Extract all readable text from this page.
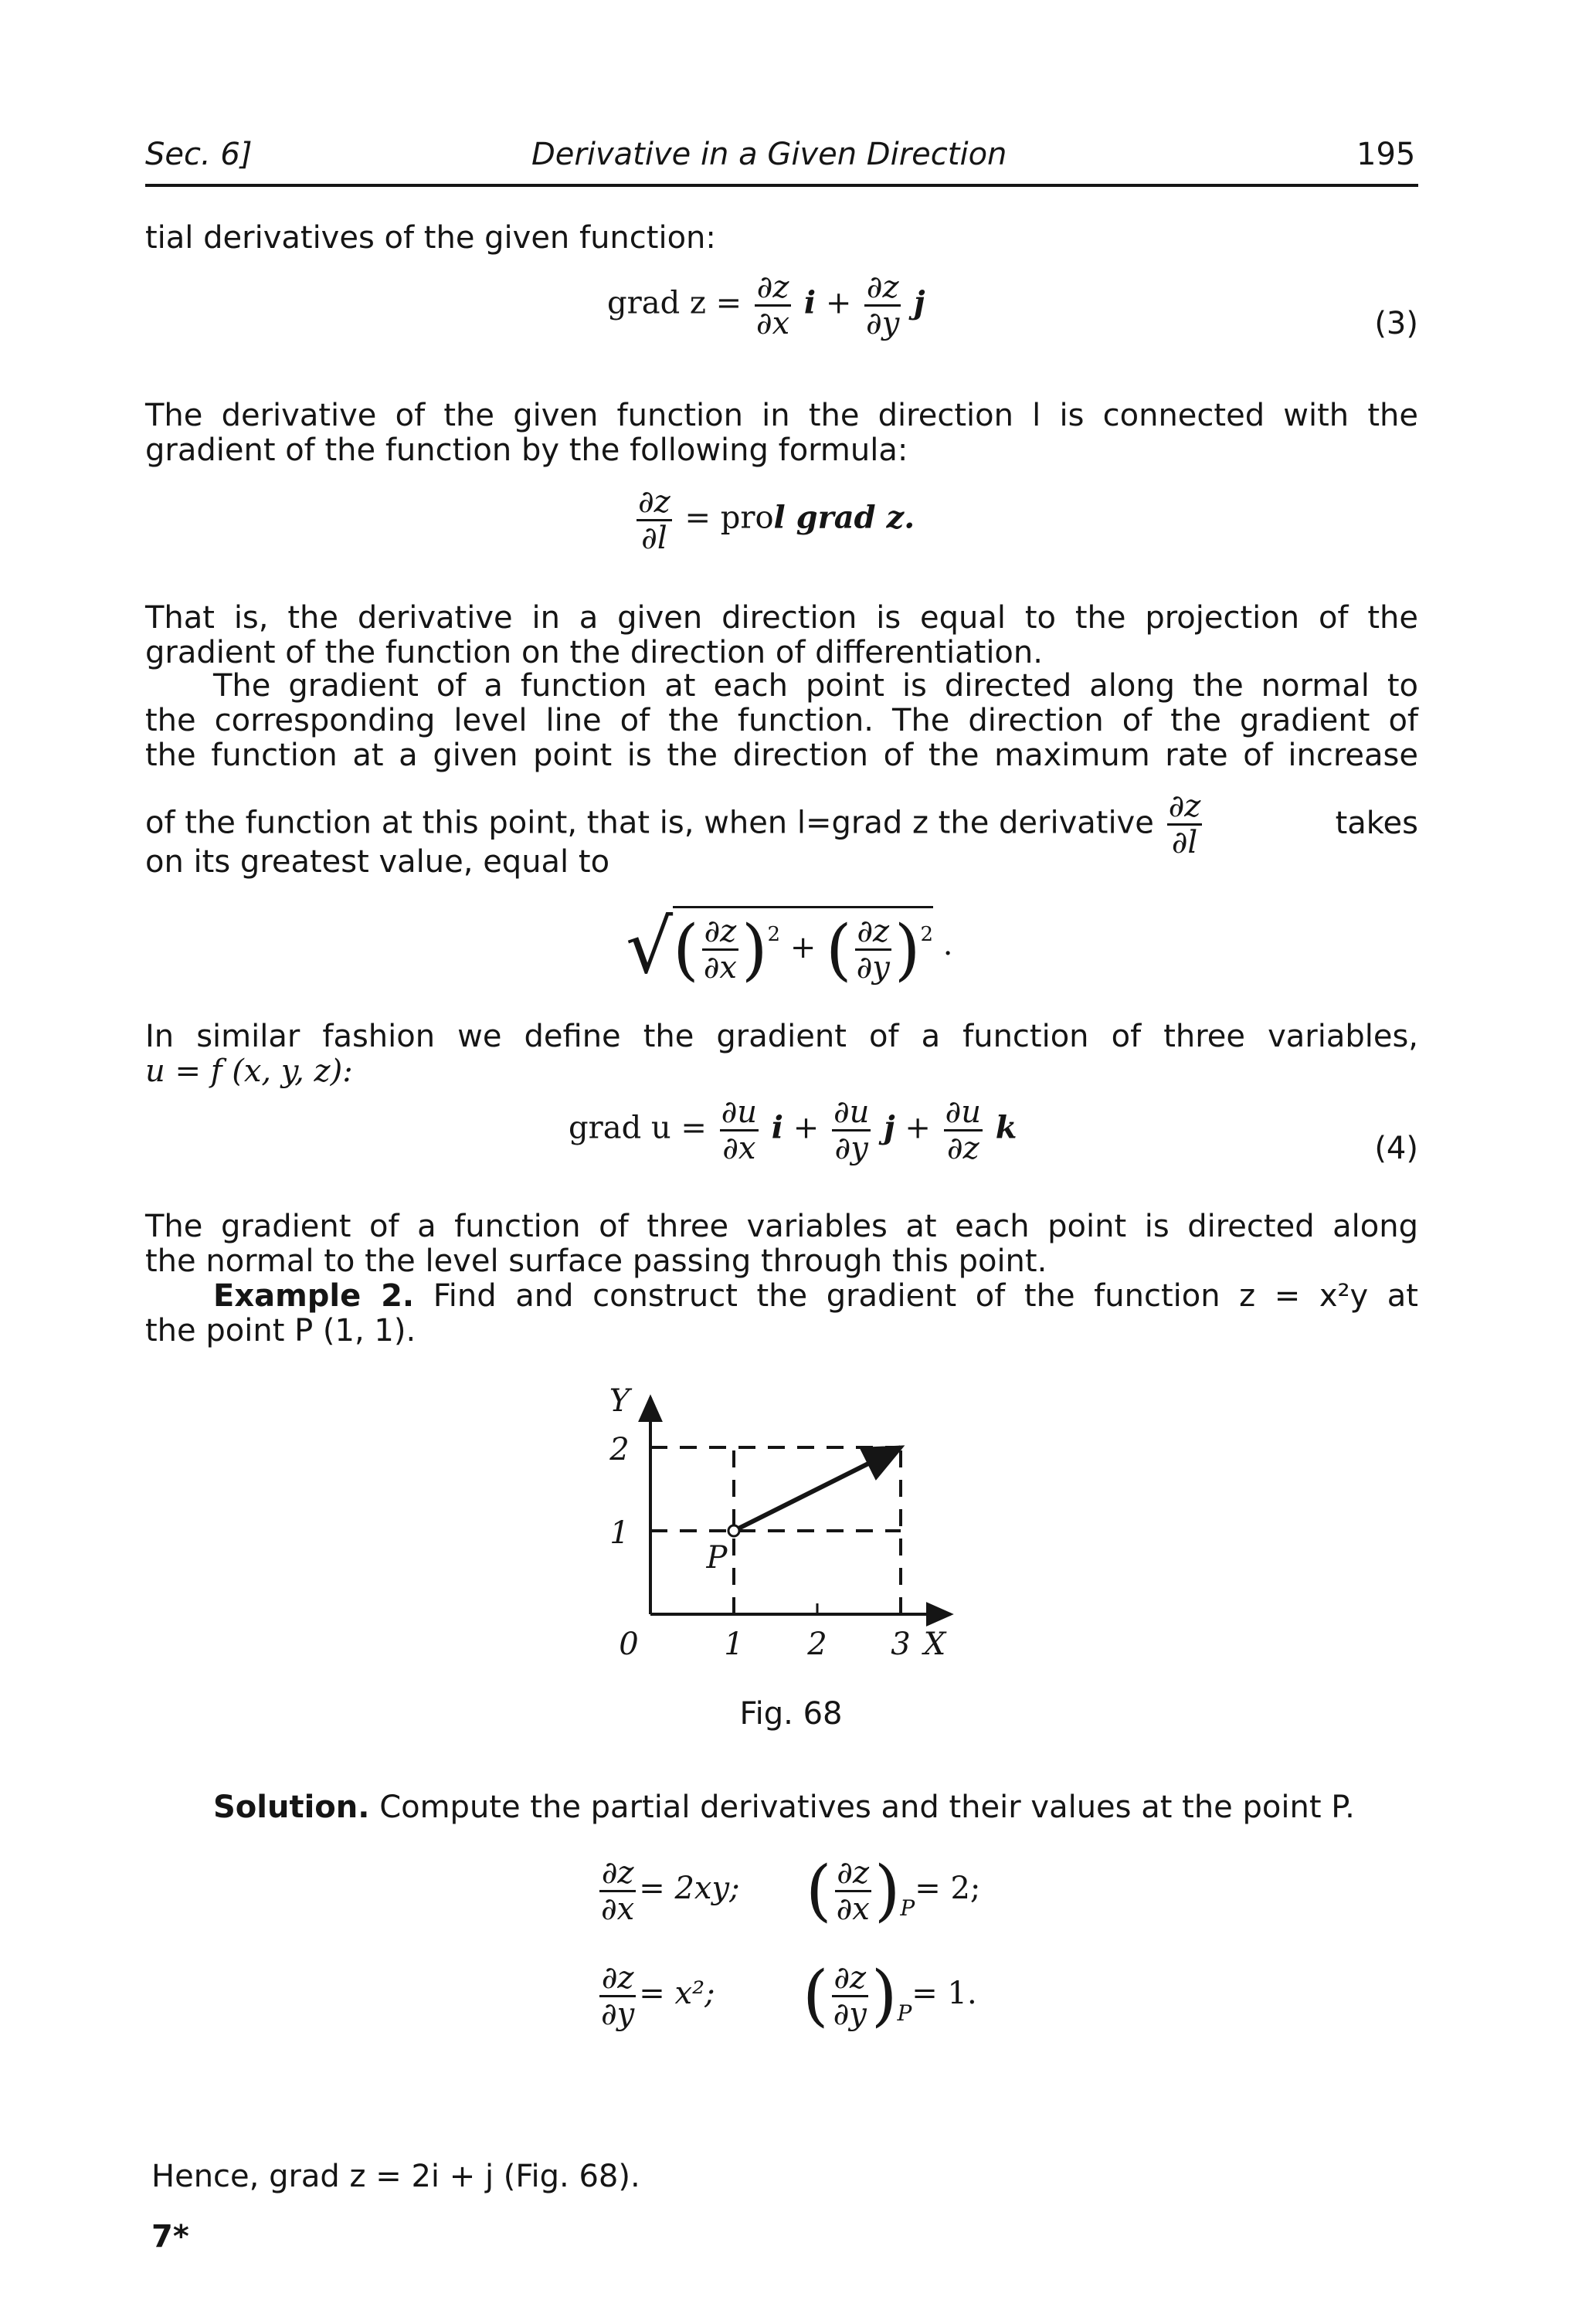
Sec. 6]	Derivative in a Given Direction	195
tial derivatives of the given function:
grad $z = \frac{\partial z}{\partial x}$ $i + \frac{\partial z}{\partial y}$ j
(3)
The derivative of the given function in the direction l is connected with the gradient of the function by the following formula:
$\frac{\partial z}{\partial l}$ = prol grad z.
That is, the derivative in a given direction is equal to the projection of the gradient of the function on the direction of differentiation.
The gradient of a function at each point is directed along the normal to
the corresponding level line of the function. The direction of the gradient of
the function at a given point is the direction of the maximum rate of increase
of the function at this point, that is, when l=grad z the derivative $\frac{\partial z}{\partial l}$	takes
on its greatest value, equal to
√( $\frac{\partial z}{\partial x} )^2$ + ( $\frac{\partial z}{\partial y} )^2$ .
In similar fashion we define the gradient of a function of three variables,
u = f (x, y, z):
grad $u = \frac{\partial u}{\partial x}$ $i + \frac{\partial u}{\partial y}$ $j + \frac{\partial u}{\partial z}$ k
(4)
The gradient of a function of three variables at each point is directed along
the normal to the level surface passing through this point.
Example 2. Find and construct the gradient of the function z = x²y at
the point P (1, 1).
1 2 3
1
2
Y
X
0
P
Fig. 68
Solution. Compute the partial derivatives and their values at the point P.
$\frac{\partial z}{\partial x} = 2xy$; ( $\frac{\partial z}{\partial x} )_P= 2$;
$\frac{\partial z}{\partial y} = x^2$; ( $\frac{\partial z}{\partial y} )_P= 1$.
Hence, grad z = 2i + j (Fig. 68).
7*
